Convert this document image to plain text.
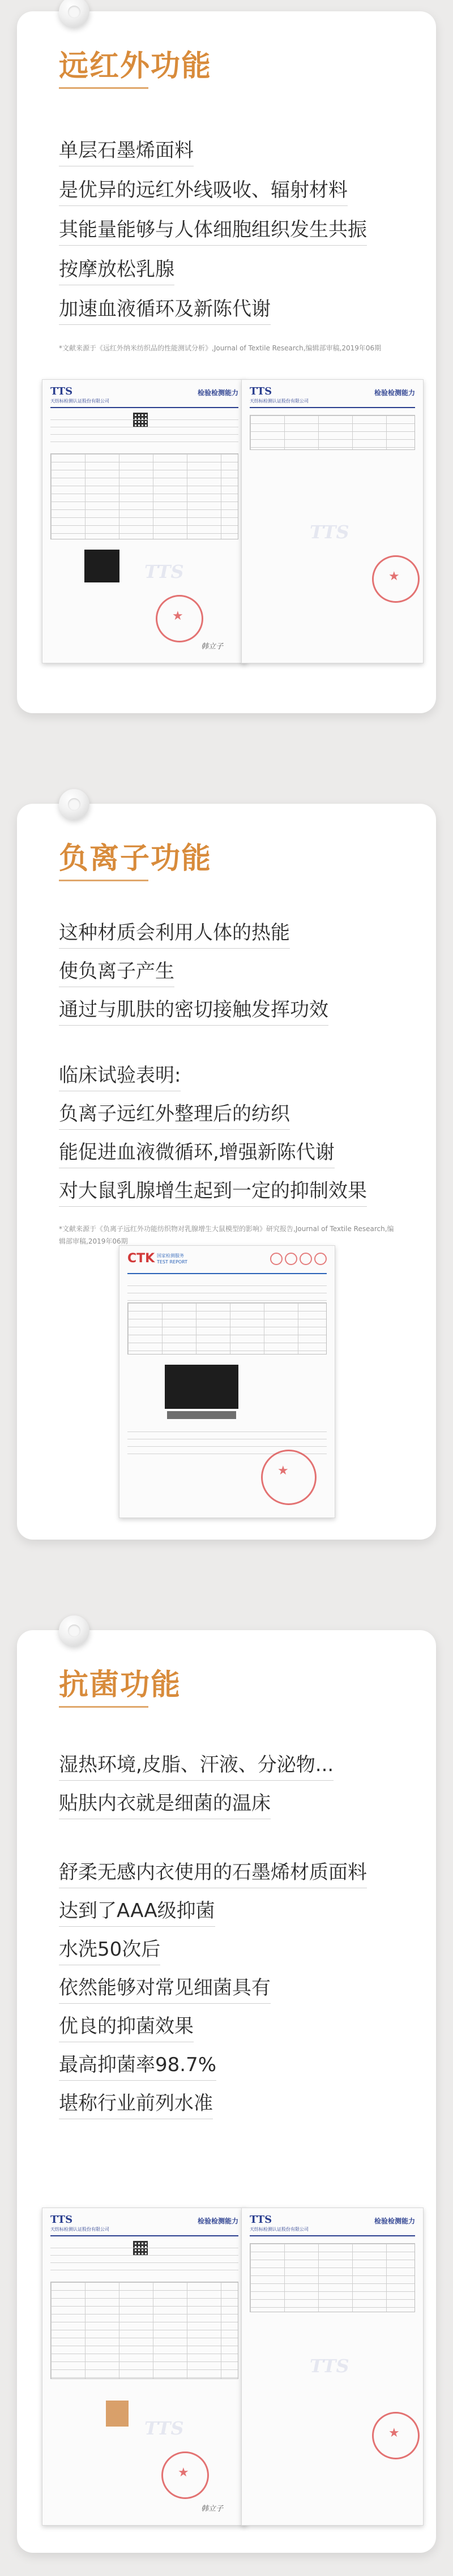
远红外功能
单层石墨烯面料
是优异的远红外线吸收、辐射材料
其能量能够与人体细胞组织发生共振
按摩放松乳腺
加速血液循环及新陈代谢
*文献来源于《远红外纳米纺织品的性能测试分析》,Journal of Textile Research,编辑部审稿,2019年06期
TTS
天纺标检测认证股份有限公司
检验检测能力
TTS
★
韩立子
TTS
天纺标检测认证股份有限公司
检验检测能力
TTS
★
负离子功能
这种材质会利用人体的热能
使负离子产生
通过与肌肤的密切接触发挥功效
临床试验表明:
负离子远红外整理后的纺织
能促进血液微循环,增强新陈代谢
对大鼠乳腺增生起到一定的抑制效果
*文献来源于《负离子远红外功能纺织物对乳腺增生大鼠模型的影响》研究报告,Journal of Textile Research,编辑部审稿,2019年06期
CTK 国家检测服务
TEST REPORT
★
抗菌功能
湿热环境,皮脂、汗液、分泌物...
贴肤内衣就是细菌的温床
舒柔无感内衣使用的石墨烯材质面料
达到了AAA级抑菌
水洗50次后
依然能够对常见细菌具有
优良的抑菌效果
最高抑菌率98.7%
堪称行业前列水准
TTS
天纺标检测认证股份有限公司
检验检测能力
TTS
★
韩立子
TTS
天纺标检测认证股份有限公司
检验检测能力
TTS
★
